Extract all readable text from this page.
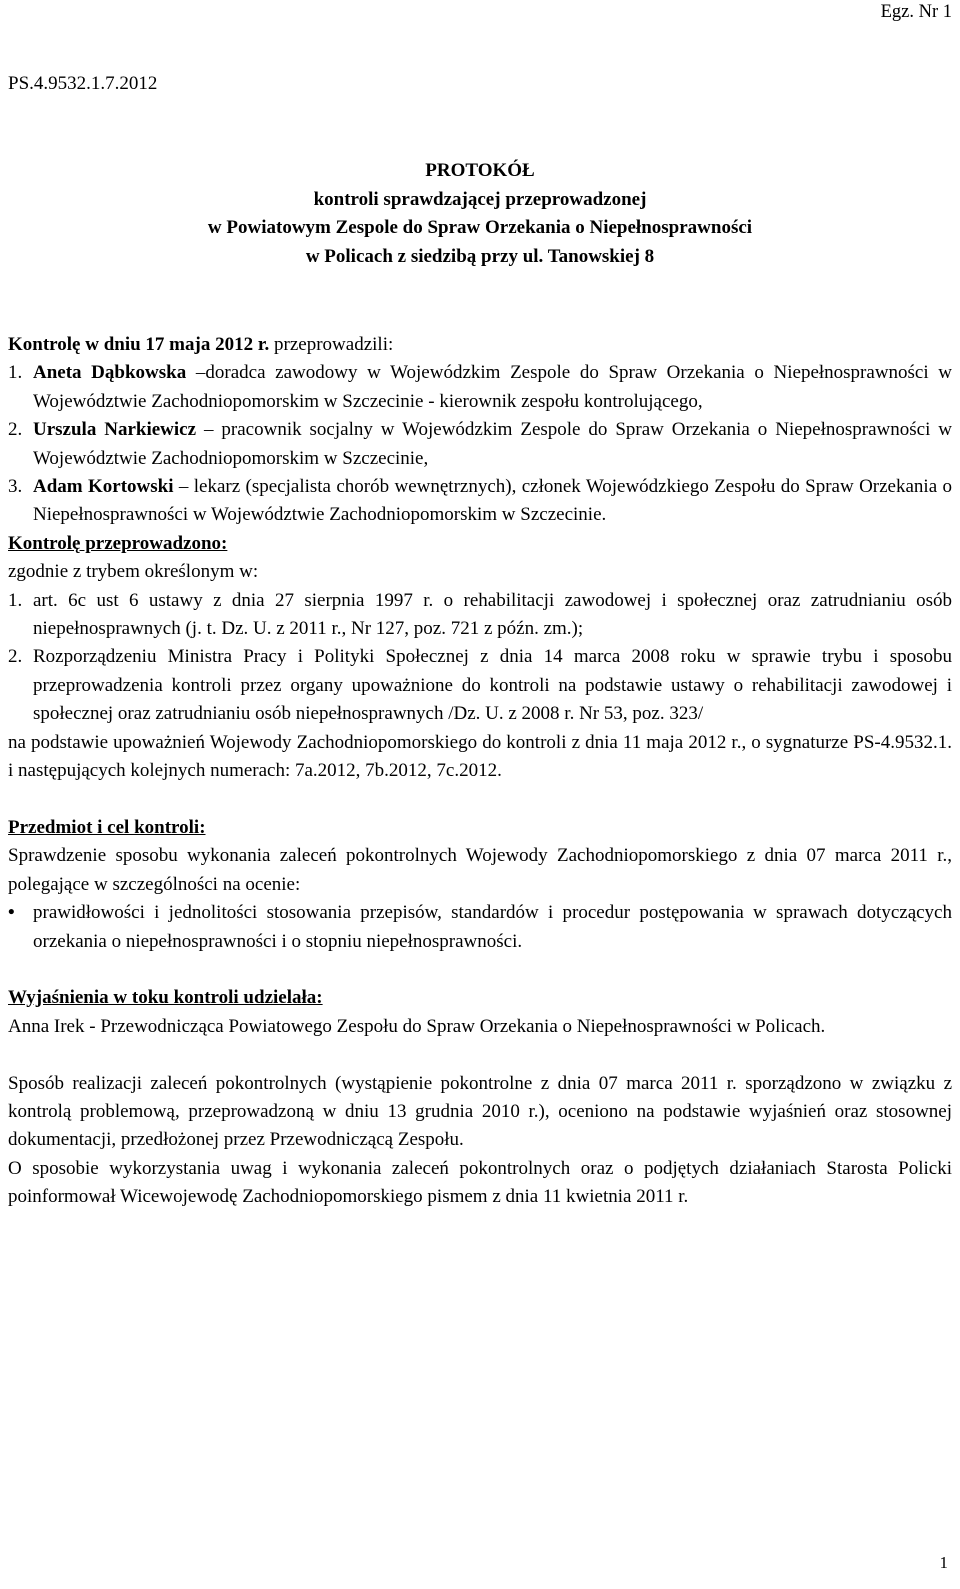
Egz. Nr 1
PS.4.9532.1.7.2012
PROTOKÓŁ
kontroli sprawdzającej przeprowadzonej
w Powiatowym Zespole do Spraw Orzekania o Niepełnosprawności
w Policach z siedzibą przy ul. Tanowskiej 8

Kontrolę w dniu 17 maja 2012 r. przeprowadzili:

1. Aneta Dąbkowska –doradca zawodowy w Wojewódzkim Zespole do Spraw Orzekania o Niepełnosprawności w Województwie Zachodniopomorskim w Szczecinie - kierownik zespołu kontrolującego,
2. Urszula Narkiewicz – pracownik socjalny w Wojewódzkim Zespole do Spraw Orzekania o Niepełnosprawności w Województwie Zachodniopomorskim w Szczecinie,
3. Adam Kortowski – lekarz (specjalista chorób wewnętrznych), członek Wojewódzkiego Zespołu do Spraw Orzekania o Niepełnosprawności w Województwie Zachodniopomorskim w Szczecinie.

Kontrolę przeprowadzono:

zgodnie z trybem określonym w:

1. art. 6c ust 6 ustawy z dnia 27 sierpnia 1997 r. o rehabilitacji zawodowej i społecznej oraz zatrudnianiu osób niepełnosprawnych (j. t. Dz. U. z 2011 r., Nr 127, poz. 721 z późn. zm.);
2. Rozporządzeniu Ministra Pracy i Polityki Społecznej z dnia 14 marca 2008 roku w sprawie trybu i sposobu przeprowadzenia kontroli przez organy upoważnione do kontroli na podstawie ustawy o rehabilitacji zawodowej i społecznej oraz zatrudnianiu osób niepełnosprawnych /Dz. U. z 2008 r. Nr 53, poz. 323/

na podstawie upoważnień Wojewody Zachodniopomorskiego do kontroli z dnia 11 maja 2012 r., o sygnaturze PS-4.9532.1. i następujących kolejnych numerach: 7a.2012, 7b.2012, 7c.2012.

Przedmiot i cel kontroli:

Sprawdzenie sposobu wykonania zaleceń pokontrolnych Wojewody Zachodniopomorskiego z dnia 07 marca 2011 r., polegające w szczególności na ocenie:

• prawidłowości i jednolitości stosowania przepisów, standardów i procedur postępowania w sprawach dotyczących orzekania o niepełnosprawności i o stopniu niepełnosprawności.

Wyjaśnienia w toku kontroli udzielała:

Anna Irek - Przewodnicząca Powiatowego Zespołu do Spraw Orzekania o Niepełnosprawności w Policach.

Sposób realizacji zaleceń pokontrolnych (wystąpienie pokontrolne z dnia 07 marca 2011 r. sporządzono w związku z kontrolą problemową, przeprowadzoną w dniu 13 grudnia 2010 r.), oceniono na podstawie wyjaśnień oraz stosownej dokumentacji, przedłożonej przez Przewodniczącą Zespołu.

O sposobie wykorzystania uwag i wykonania zaleceń pokontrolnych oraz o podjętych działaniach Starosta Policki poinformował Wicewojewodę Zachodniopomorskiego pismem z dnia 11 kwietnia 2011 r.

1
